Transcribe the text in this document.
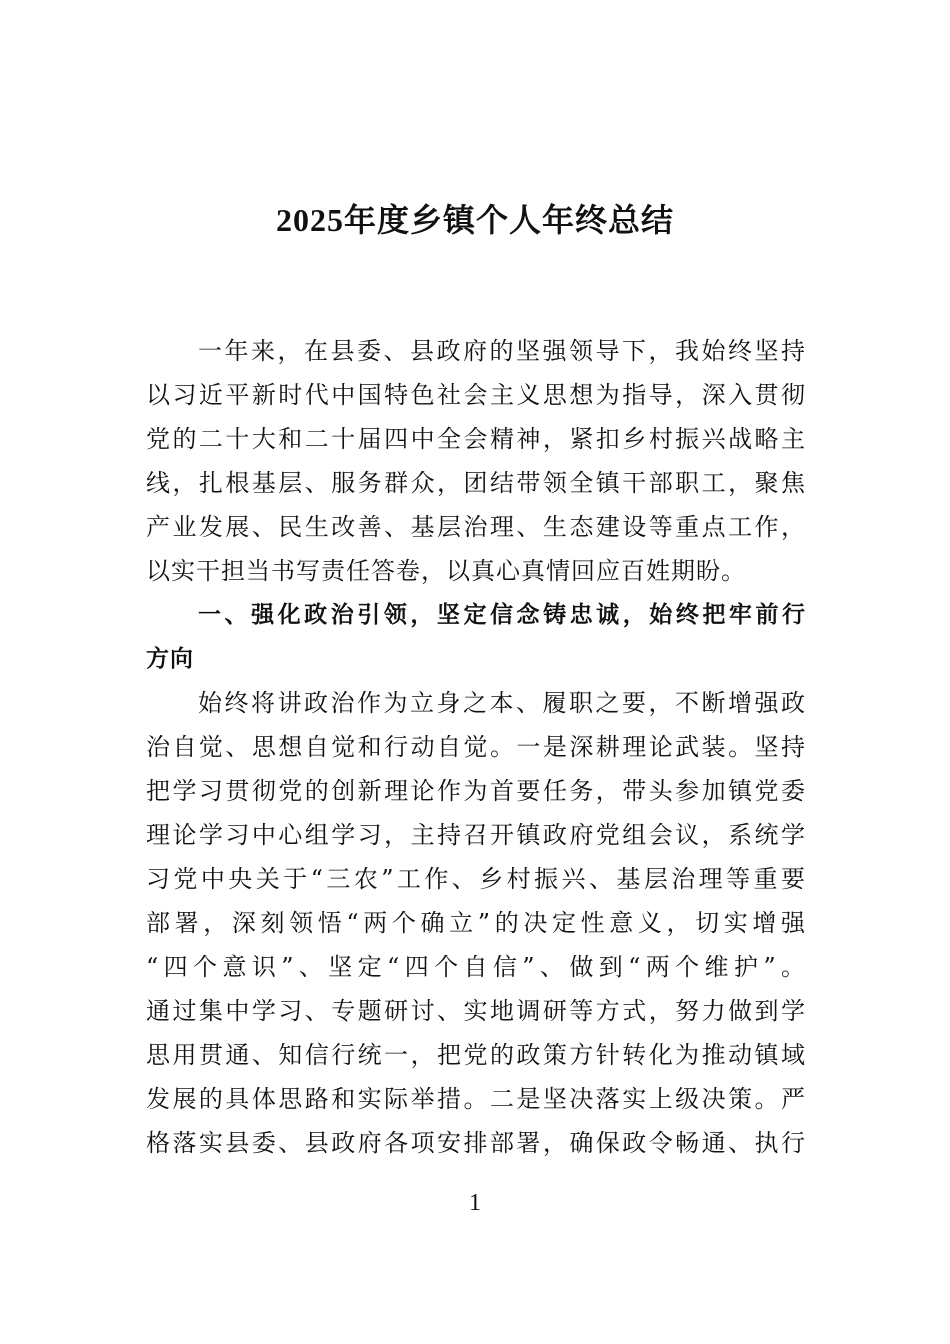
2025年度乡镇个人年终总结
一年来，在县委、县政府的坚强领导下，我始终坚持
以习近平新时代中国特色社会主义思想为指导，深入贯彻
党的二十大和二十届四中全会精神，紧扣乡村振兴战略主
线，扎根基层、服务群众，团结带领全镇干部职工，聚焦
产业发展、民生改善、基层治理、生态建设等重点工作，
以实干担当书写责任答卷，以真心真情回应百姓期盼。
一、强化政治引领，坚定信念铸忠诚，始终把牢前行
方向
始终将讲政治作为立身之本、履职之要，不断增强政
治自觉、思想自觉和行动自觉。一是深耕理论武装。坚持
把学习贯彻党的创新理论作为首要任务，带头参加镇党委
理论学习中心组学习，主持召开镇政府党组会议，系统学
习党中央关于“三农”工作、乡村振兴、基层治理等重要
部署，深刻领悟“两个确立”的决定性意义，切实增强
“四个意识”、坚定“四个自信”、做到“两个维护”。
通过集中学习、专题研讨、实地调研等方式，努力做到学
思用贯通、知信行统一，把党的政策方针转化为推动镇域
发展的具体思路和实际举措。二是坚决落实上级决策。严
格落实县委、县政府各项安排部署，确保政令畅通、执行
1
